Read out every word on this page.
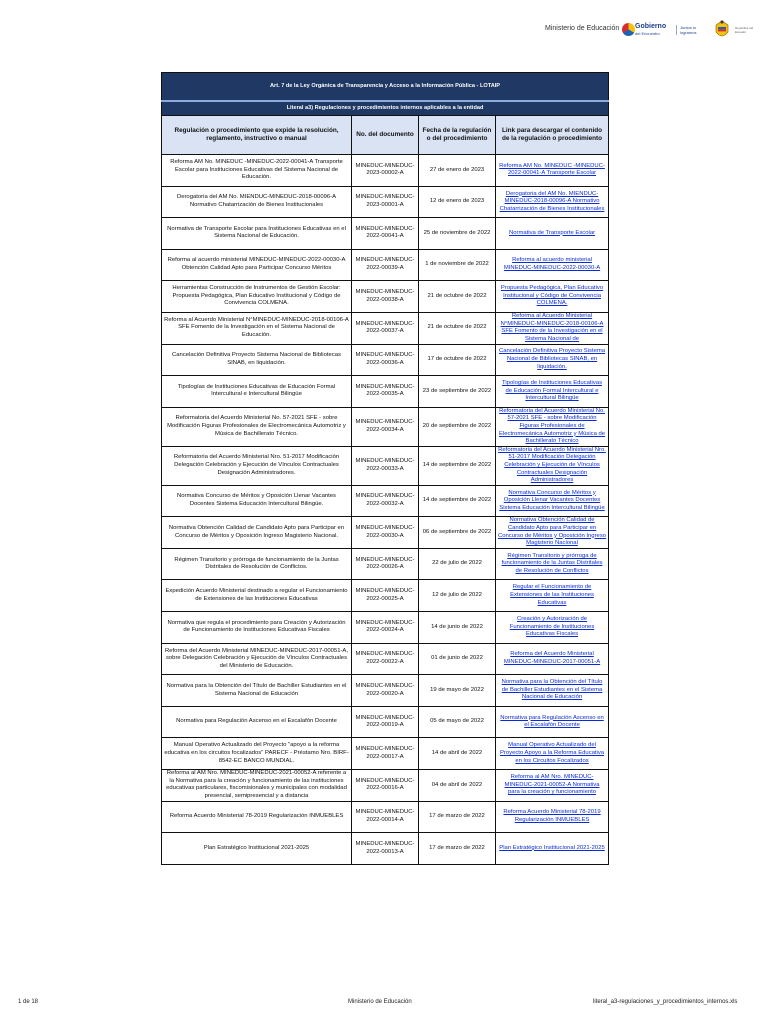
Ministerio de Educación Gobierno
del Encuentro
Juntos lo logramos
República del Ecuador
Art. 7 de la Ley Orgánica de Transparencia y Acceso a la Información Pública - LOTAIP			
Literal a3) Regulaciones y procedimientos internos aplicables a la entidad			
Regulación o procedimiento que expide la resolución, reglamento, instructivo o manual	No. del documento	Fecha de la regulación o del procedimiento	Link para descargar el contenido de la regulación o procedimiento
Reforma AM No. MINEDUC -MINEDUC-2022-00041-A Transporte Escolar para Instituciones Educativas del Sistema Nacional de Educación.	MINEDUC-MINEDUC-2023-00002-A	27 de enero de 2023	Reforma AM No. MINEDUC -MINEDUC-2022-00041-A Transporte Escolar
Derogatoria del AM No. MIENDUC-MINEDUC-2018-00096-A Normativo Chatarrización de Bienes Institucionales	MINEDUC-MINEDUC-2023-00001-A	12 de enero de 2023	Derogatoria del AM No. MIENDUC-MINEDUC-2018-00096-A Normativo Chatarrización de Bienes Institucionales
Normativa de Transporte Escolar para Instituciones Educativas en el Sistema Nacional de Educación.	MINEDUC-MINEDUC-2022-00041-A	25 de noviembre de 2022	Normativa de Transporte Escolar
Reforma al acuerdo ministerial MINEDUC-MINEDUC-2022-00030-A Obtención Calidad Apto para Participar Concurso Méritos	MINEDUC-MINEDUC-2022-00039-A	1 de noviembre de 2022	Reforma al acuerdo ministerial MINEDUC-MINEDUC-2022-00030-A
Herramientas Construcción de Instrumentos de Gestión Escolar: Propuesta Pedagógica, Plan Educativo Institucional y Código de Convivencia COLMENA.	MINEDUC-MINEDUC-2022-00038-A	21 de octubre de 2022	Propuesta Pedagógica, Plan Educativo Institucional y Código de Convivencia COLMENA.
Reforma al Acuerdo Ministerial N°MINEDUC-MINEDUC-2018-00106-A SFE Fomento de la Investigación en el Sistema Nacional de Educación.	MINEDUC-MINEDUC-2022-00037-A	21 de octubre de 2022	Reforma al Acuerdo Ministerial N°MINEDUC-MINEDUC-2018-00106-A SFE Fomento de la Investigación en el Sistema Nacional de
Cancelación Definitiva Proyecto Sistema Nacional de Bibliotecas SINAB, en liquidación.	MINEDUC-MINEDUC-2022-00036-A	17 de octubre de 2022	Cancelación Definitiva Proyecto Sistema Nacional de Bibliotecas SINAB, en liquidación.
Tipologías de Instituciones Educativas de Educación Formal Intercultural e Intercultural Bilingüe	MINEDUC-MINEDUC-2022-00035-A	23 de septiembre de 2022	Tipologías de Instituciones Educativas de Educación Formal Intercultural e Intercultural Bilingüe
Reformatoria del Acuerdo Ministerial No. 57-2021 SFE - sobre Modificación Figuras Profesionales de Electromecánica Automotriz y Música de Bachillerato Técnico.	MINEDUC-MINEDUC-2022-00034-A	20 de septiembre de 2022	Reformatoria del Acuerdo Ministerial No. 57-2021 SFE - sobre Modificación Figuras Profesionales de Electromecánica Automotriz y Música de Bachillerato Técnico
Reformatoria del Acuerdo Ministerial Nro. 51-2017 Modificación Delegación Celebración y Ejecución de Vínculos Contractuales Designación Administradores.	MINEDUC-MINEDUC-2022-00033-A	14 de septiembre de 2022	Reformatoria del Acuerdo Ministerial Nro. 51-2017 Modificación Delegación Celebración y Ejecución de Vínculos Contractuales Designación Administradores
Normativa Concurso de Méritos y Oposición Llenar Vacantes Docentes Sistema Educación Intercultural Bilingüe.	MINEDUC-MINEDUC-2022-00032-A	14 de septiembre de 2022	Normativa Concurso de Méritos y Oposición Llenar Vacantes Docentes Sistema Educación Intercultural Bilingüe
Normativa Obtención Calidad de Candidato Apto para Participar en Concurso de Méritos y Oposición Ingreso Magisterio Nacional.	MINEDUC-MINEDUC-2022-00030-A	06 de septiembre de 2022	Normativa Obtención Calidad de Candidato Apto para Participar en Concurso de Méritos y Oposición Ingreso Magisterio Nacional
Régimen Transitorio y prórroga de funcionamiento de la Juntas Distritales de Resolución de Conflictos.	MINEDUC-MINEDUC-2022-00026-A	22 de julio de 2022	Régimen Transitorio y prórroga de funcionamiento de la Juntas Distritales de Resolución de Conflictos
Expedición Acuerdo Ministerial destinado a regular el Funcionamiento de Extensiones de las Instituciones Educativas	MINEDUC-MINEDUC-2022-00025-A	12 de julio de 2022	Regular el Funcionamiento de Extensiones de las Instituciones Educativas
Normativa que regula el procedimiento para Creación y Autorización de Funcionamiento de Instituciones Educativas Fiscales	MINEDUC-MINEDUC-2022-00024-A	14 de junio de 2022	Creación y Autorización de Funcionamiento de Instituciones Educativas Fiscales
Reforma del Acuerdo Ministerial MINEDUC-MINEDUC-2017-00051-A, sobre Delegación Celebración y Ejecución de Vínculos Contractuales del Ministerio de Educación.	MINEDUC-MINEDUC-2022-00022-A	01 de junio de 2022	Reforma del Acuerdo Ministerial MINEDUC-MINEDUC-2017-00051-A
Normativa para la Obtención del Título de Bachiller Estudiantes en el Sistema Nacional de Educación	MINEDUC-MINEDUC-2022-00020-A	19 de mayo de 2022	Normativa para la Obtención del Título de Bachiller Estudiantes en el Sistema Nacional de Educación
Normativa para Regulación Ascenso en el Escalafón Docente	MINEDUC-MINEDUC-2022-00019-A	05 de mayo de 2022	Normativa para Regulación Ascenso en el Escalafón Docente
Manual Operativo Actualizado del Proyecto "apoyo a la reforma educativa en los circuitos focalizados" PARECF - Préstamo Nro. BIRF-8542-EC BANCO MUNDIAL.	MINEDUC-MINEDUC-2022-00017-A	14 de abril de 2022	Manual Operativo Actualizado del Proyecto Apoyo a la Reforma Educativa en los Circuitos Focalizados
Reforma al AM Nro. MINEDUC-MINEDUC-2021-00052-A referente a la Normativa para la creación y funcionamiento de las instituciones educativas particulares, fiscomisionales y municipales con modalidad presencial, semipresencial y a distancia	MINEDUC-MINEDUC-2022-00016-A	04 de abril de 2022	Reforma al AM Nro. MINEDUC-MINEDUC-2021-00052-A Normativa para la creación y funcionamiento
Reforma Acuerdo Ministerial 78-2019 Regularización INMUEBLES	MINEDUC-MINEDUC-2022-00014-A	17 de marzo de 2022	Reforma Acuerdo Ministerial 78-2019 Regularización INMUEBLES
Plan Estratégico Institucional 2021-2025	MINEDUC-MINEDUC-2022-00013-A	17 de marzo de 2022	Plan Estratégico Institucional 2021-2025
1 de 18	Ministerio de Educación	literal_a3-regulaciones_y_procedimientos_internos.xls
